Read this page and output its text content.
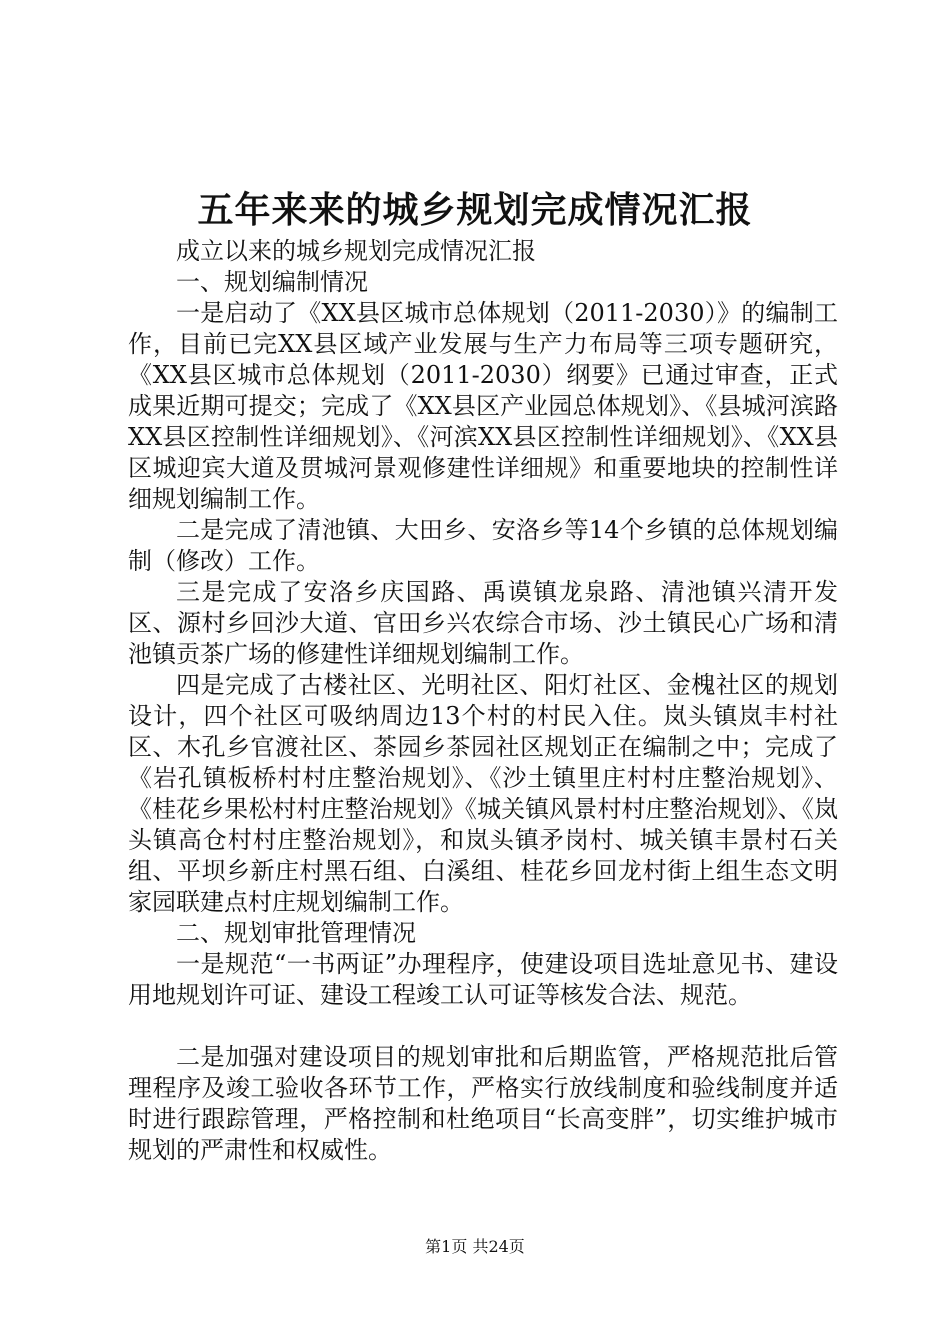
五年来来的城乡规划完成情况汇报

成立以来的城乡规划完成情况汇报

一、规划编制情况

一是启动了《XX县区城市总体规划（2011-2030）》的编制工作，目前已完XX县区域产业发展与生产力布局等三项专题研究，《XX县区城市总体规划（2011-2030）纲要》已通过审查，正式成果近期可提交；完成了《XX县区产业园总体规划》、《县城河滨路XX县区控制性详细规划》、《河滨XX县区控制性详细规划》、《XX县区城迎宾大道及贯城河景观修建性详细规》和重要地块的控制性详细规划编制工作。

二是完成了清池镇、大田乡、安洛乡等14个乡镇的总体规划编制（修改）工作。

三是完成了安洛乡庆国路、禹谟镇龙泉路、清池镇兴清开发区、源村乡回沙大道、官田乡兴农综合市场、沙土镇民心广场和清池镇贡茶广场的修建性详细规划编制工作。

四是完成了古楼社区、光明社区、阳灯社区、金槐社区的规划设计，四个社区可吸纳周边13个村的村民入住。岚头镇岚丰村社区、木孔乡官渡社区、茶园乡茶园社区规划正在编制之中；完成了《岩孔镇板桥村村庄整治规划》、《沙土镇里庄村村庄整治规划》、《桂花乡果松村村庄整治规划》《城关镇风景村村庄整治规划》、《岚头镇高仓村村庄整治规划》，和岚头镇矛岗村、城关镇丰景村石关组、平坝乡新庄村黑石组、白溪组、桂花乡回龙村街上组生态文明家园联建点村庄规划编制工作。

二、规划审批管理情况

一是规范“一书两证”办理程序，使建设项目选址意见书、建设用地规划许可证、建设工程竣工认可证等核发合法、规范。

二是加强对建设项目的规划审批和后期监管，严格规范批后管理程序及竣工验收各环节工作，严格实行放线制度和验线制度并适时进行跟踪管理，严格控制和杜绝项目“长高变胖”，切实维护城市规划的严肃性和权威性。

第1页 共24页
